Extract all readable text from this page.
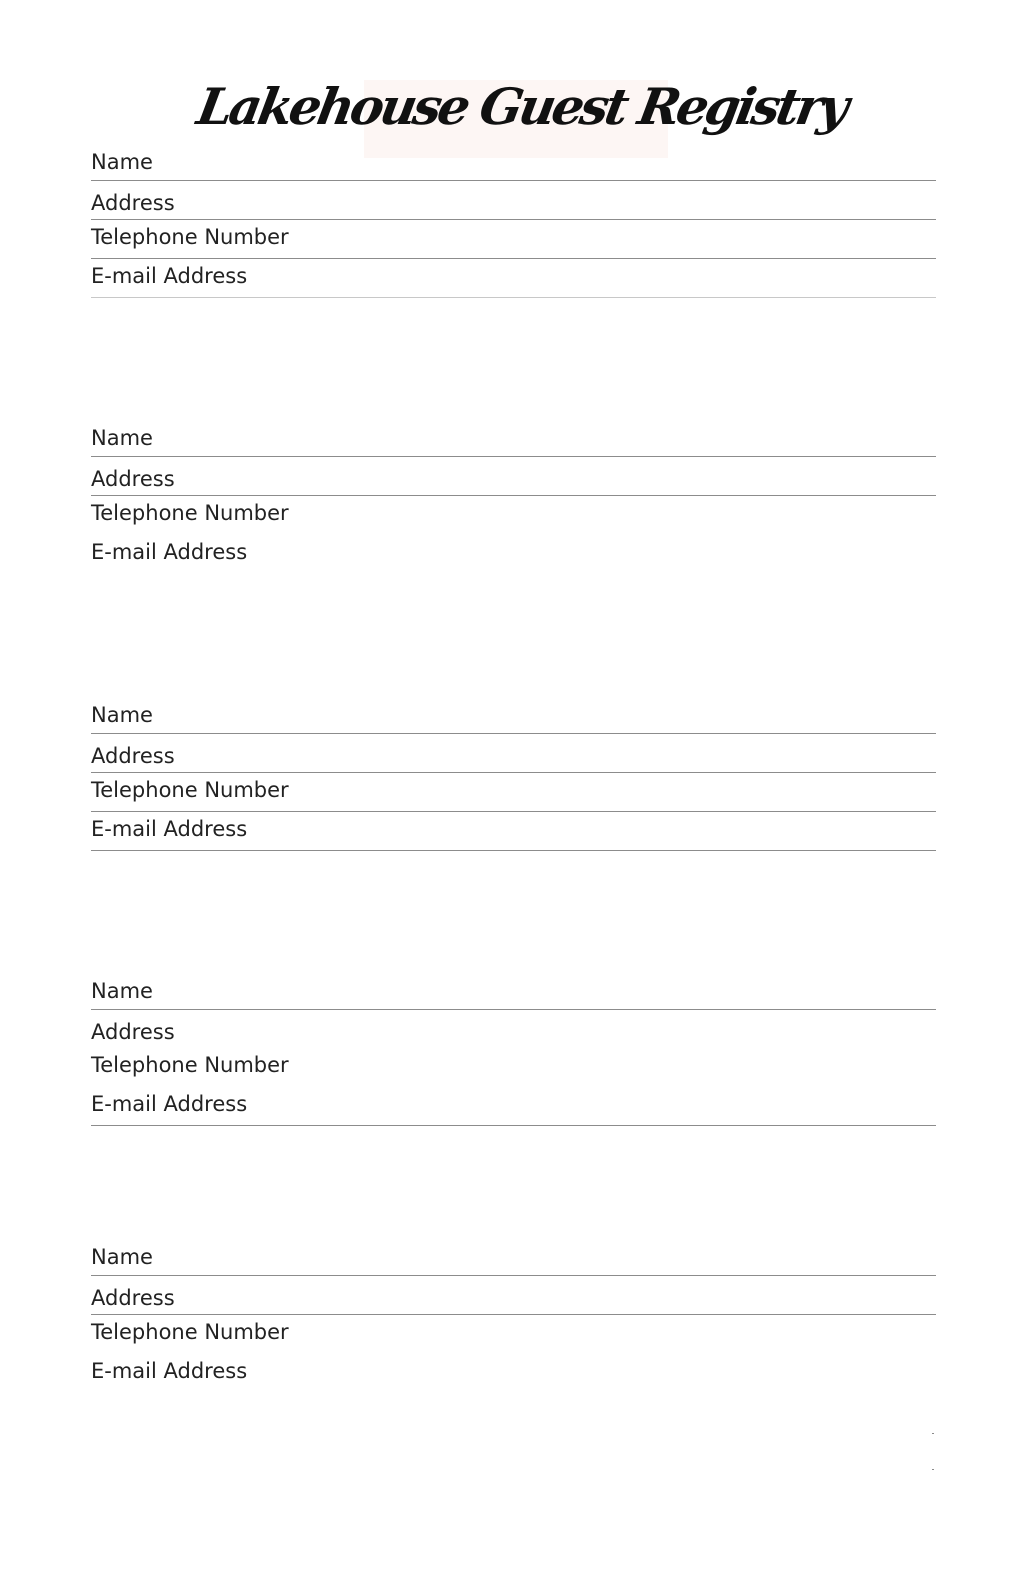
Lakehouse Guest Registry
Name
Address
Telephone Number
E-mail Address
Name
Address
Telephone Number
E-mail Address
Name
Address
Telephone Number
E-mail Address
Name
Address
Telephone Number
E-mail Address
Name
Address
Telephone Number
E-mail Address
